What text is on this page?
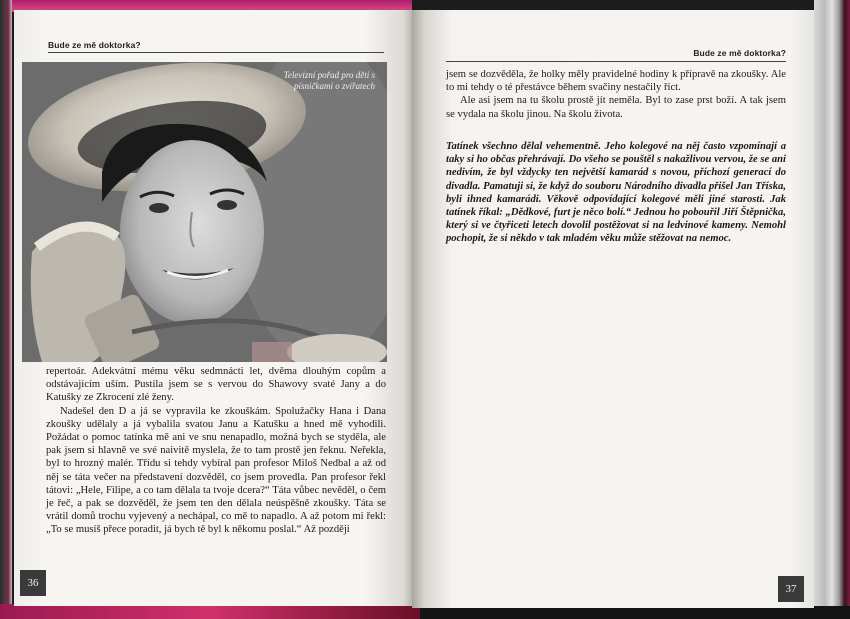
Bude ze mě doktorka?
Televizní pořad pro děti s písničkami o zvířatech

repertoár. Adekvátní mému věku sedmnácti let, dvěma dlouhým copům a odstávajícím uším. Pustila jsem se s vervou do Shawovy svaté Jany a do Katušky ze Zkrocení zlé ženy.

Nadešel den D a já se vypravila ke zkouškám. Spolužačky Hana i Dana zkoušky udělaly a já vybalila svatou Janu a Katušku a hned mě vyhodili. Požádat o pomoc tatínka mě ani ve snu nenapadlo, možná bych se styděla, ale pak jsem si hlavně ve své naivitě myslela, že to tam prostě jen řeknu. Neřekla, byl to hrozný malér. Třídu si tehdy vybíral pan profesor Miloš Nedbal a až od něj se táta večer na představení dozvěděl, co jsem provedla. Pan profesor řekl tátovi: „Hele, Filipe, a co tam dělala ta tvoje dcera?“ Táta vůbec nevěděl, o čem je řeč, a pak se dozvěděl, že jsem ten den dělala neúspěšně zkoušky. Táta se vrátil domů trochu vyjevený a nechápal, co mě to napadlo. A až potom mi řekl: „To se musíš přece poradit, já bych tě byl k někomu poslal.“ Až později

36
Bude ze mě doktorka?

jsem se dozvěděla, že holky měly pravidelné hodiny k přípravě na zkoušky. Ale to mi tehdy o té přestávce během svačiny nestačily říct.

Ale asi jsem na tu školu prostě jít neměla. Byl to zase prst boží. A tak jsem se vydala na školu jinou. Na školu života.

Tatínek všechno dělal vehementně. Jeho kolegové na něj často vzpomínají a taky si ho občas přehrávají. Do všeho se pouštěl s nakažlivou vervou, že se ani nedivím, že byl vždycky ten největší kamarád s novou, příchozí generací do divadla. Pamatuji si, že když do souboru Národního divadla přišel Jan Tříska, byli ihned kamarádi. Věkově odpovídající kolegové měli jiné starosti. Jak tatínek říkal: „Dědkové, furt je něco bolí.“ Jednou ho pobouřil Jiří Štěpnička, který si ve čtyřiceti letech dovolil postěžovat si na ledvinové kameny. Nemohl pochopit, že si někdo v tak mladém věku může stěžovat na nemoc.

37
